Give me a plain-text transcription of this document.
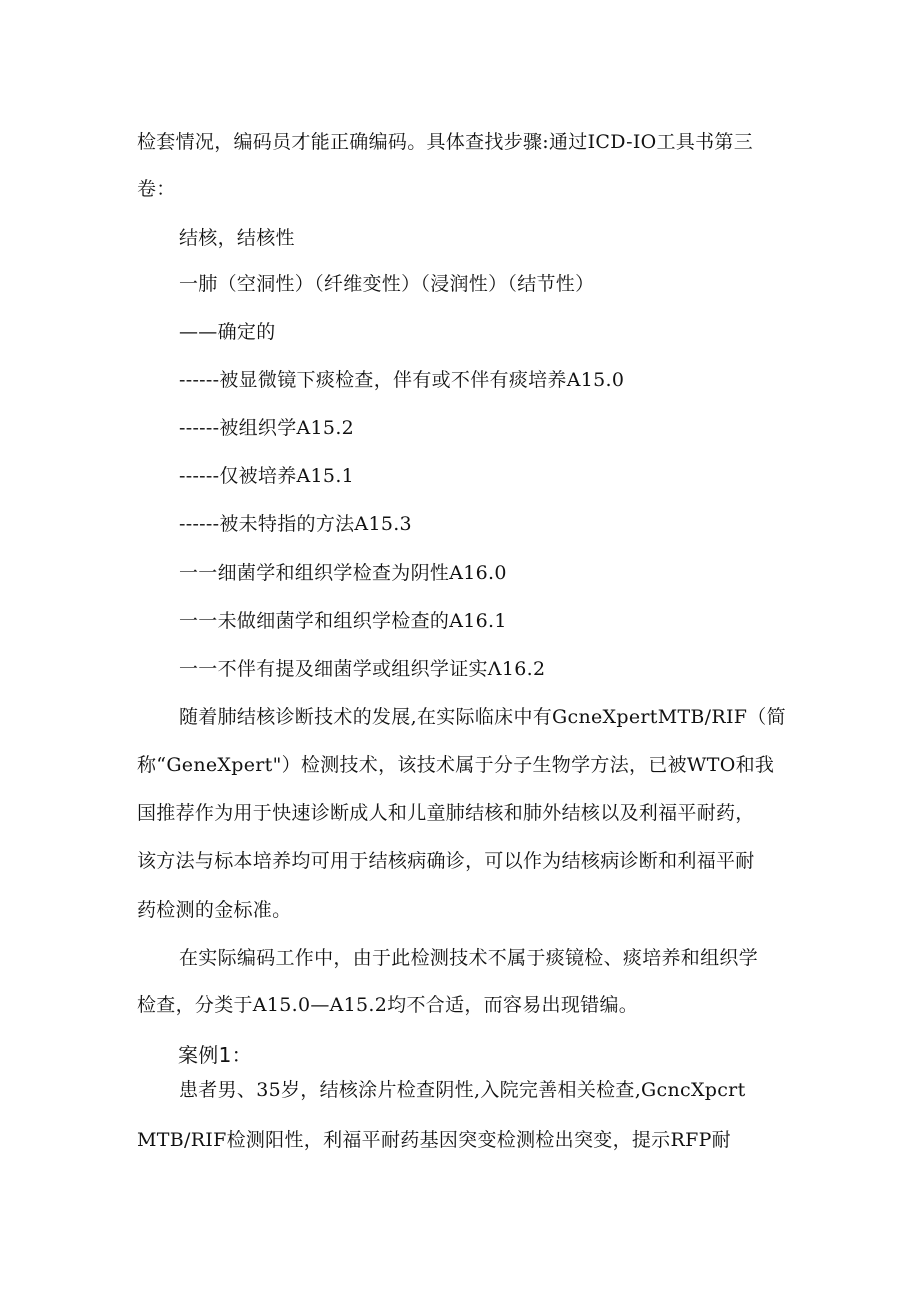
检套情况，编码员才能正确编码。具体查找步骤:通过ICD-IO工具书第三
卷：
结核，结核性
一肺（空洞性）（纤维变性）（浸润性）（结节性）
——确定的
------被显微镜下痰检查，伴有或不伴有痰培养A15.0
------被组织学A15.2
------仅被培养A15.1
------被未特指的方法A15.3
一一细菌学和组织学检查为阴性A16.0
一一未做细菌学和组织学检查的A16.1
一一不伴有提及细菌学或组织学证实Λ16.2
随着肺结核诊断技术的发展,在实际临床中有GcneXpertMTB/RIF（简
称“GeneXpert"）检测技术，该技术属于分子生物学方法，已被WTO和我
国推荐作为用于快速诊断成人和儿童肺结核和肺外结核以及利福平耐药，
该方法与标本培养均可用于结核病确诊，可以作为结核病诊断和利福平耐
药检测的金标准。
在实际编码工作中，由于此检测技术不属于痰镜检、痰培养和组织学
检查，分类于A15.0—A15.2均不合适，而容易出现错编。
案例1：
患者男、35岁，结核涂片检查阴性,入院完善相关检查,GcncXpcrt
MTB/RIF检测阳性，利福平耐药基因突变检测检出突变，提示RFP耐
